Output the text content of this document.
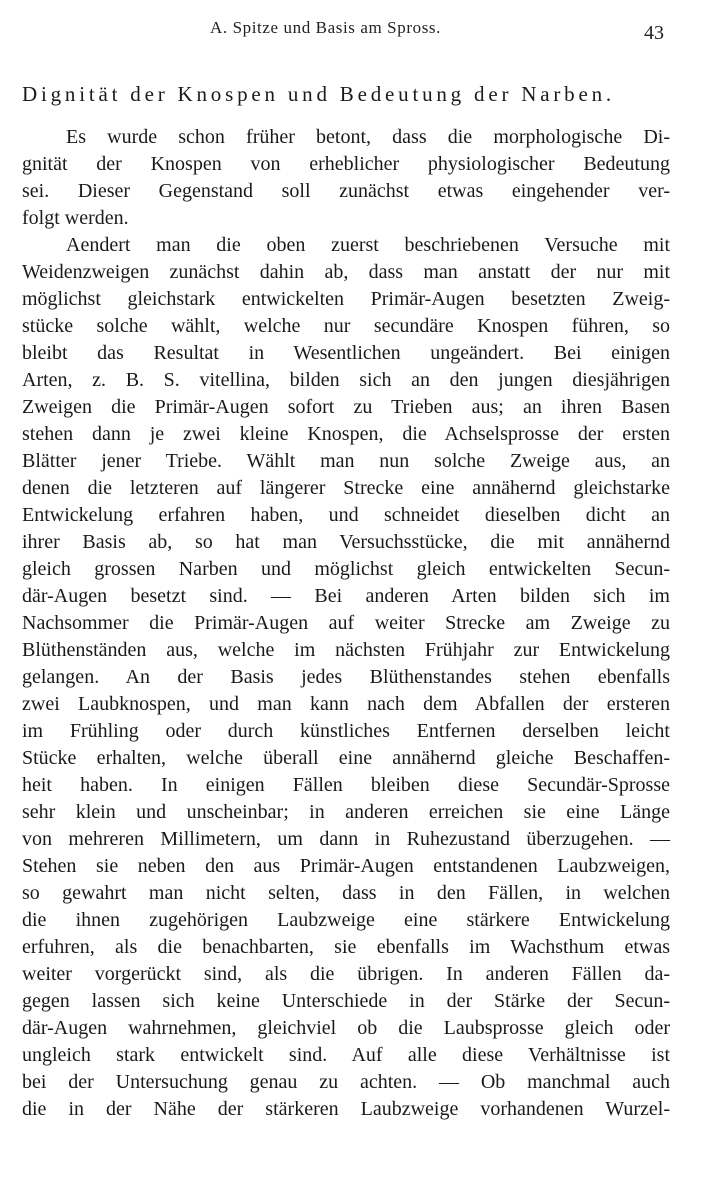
A. Spitze und Basis am Spross.	43
Dignität der Knospen und Bedeutung der Narben.
Es wurde schon früher betont, dass die morphologische Di-
gnität der Knospen von erheblicher physiologischer Bedeutung
sei. Dieser Gegenstand soll zunächst etwas eingehender ver-
folgt werden.
Aendert man die oben zuerst beschriebenen Versuche mit
Weidenzweigen zunächst dahin ab, dass man anstatt der nur mit
möglichst gleichstark entwickelten Primär-Augen besetzten Zweig-
stücke solche wählt, welche nur secundäre Knospen führen, so
bleibt das Resultat in Wesentlichen ungeändert. Bei einigen
Arten, z. B. S. vitellina, bilden sich an den jungen diesjährigen
Zweigen die Primär-Augen sofort zu Trieben aus; an ihren Basen
stehen dann je zwei kleine Knospen, die Achselsprosse der ersten
Blätter jener Triebe. Wählt man nun solche Zweige aus, an
denen die letzteren auf längerer Strecke eine annähernd gleichstarke
Entwickelung erfahren haben, und schneidet dieselben dicht an
ihrer Basis ab, so hat man Versuchsstücke, die mit annähernd
gleich grossen Narben und möglichst gleich entwickelten Secun-
där-Augen besetzt sind. — Bei anderen Arten bilden sich im
Nachsommer die Primär-Augen auf weiter Strecke am Zweige zu
Blüthenständen aus, welche im nächsten Frühjahr zur Entwickelung
gelangen. An der Basis jedes Blüthenstandes stehen ebenfalls
zwei Laubknospen, und man kann nach dem Abfallen der ersteren
im Frühling oder durch künstliches Entfernen derselben leicht
Stücke erhalten, welche überall eine annähernd gleiche Beschaffen-
heit haben. In einigen Fällen bleiben diese Secundär-Sprosse
sehr klein und unscheinbar; in anderen erreichen sie eine Länge
von mehreren Millimetern, um dann in Ruhezustand überzugehen. —
Stehen sie neben den aus Primär-Augen entstandenen Laubzweigen,
so gewahrt man nicht selten, dass in den Fällen, in welchen
die ihnen zugehörigen Laubzweige eine stärkere Entwickelung
erfuhren, als die benachbarten, sie ebenfalls im Wachsthum etwas
weiter vorgerückt sind, als die übrigen. In anderen Fällen da-
gegen lassen sich keine Unterschiede in der Stärke der Secun-
där-Augen wahrnehmen, gleichviel ob die Laubsprosse gleich oder
ungleich stark entwickelt sind. Auf alle diese Verhältnisse ist
bei der Untersuchung genau zu achten. — Ob manchmal auch
die in der Nähe der stärkeren Laubzweige vorhandenen Wurzel-
